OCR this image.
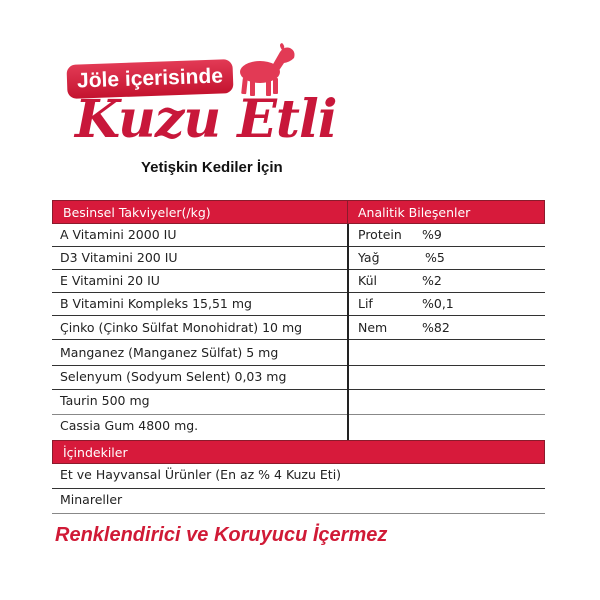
Jöle içerisinde
Kuzu Etli
Yetişkin Kediler İçin
Besinsel Takviyeler(/kg)	Analitik Bileşenler
A Vitamini 2000 IU	Protein %9
D3 Vitamini 200 IU	Yağ	%5
E Vitamini 20 IU	Kül	%2
B Vitamini Kompleks 15,51 mg	Lif	%0,1
Çinko (Çinko Sülfat Monohidrat) 10 mg	Nem	%82
Manganez (Manganez Sülfat) 5 mg
Selenyum (Sodyum Selent) 0,03 mg
Taurin 500 mg
Cassia Gum 4800 mg.
İçindekiler
Et ve Hayvansal Ürünler (En az % 4 Kuzu Eti)
Minareller
Renklendirici ve Koruyucu İçermez
